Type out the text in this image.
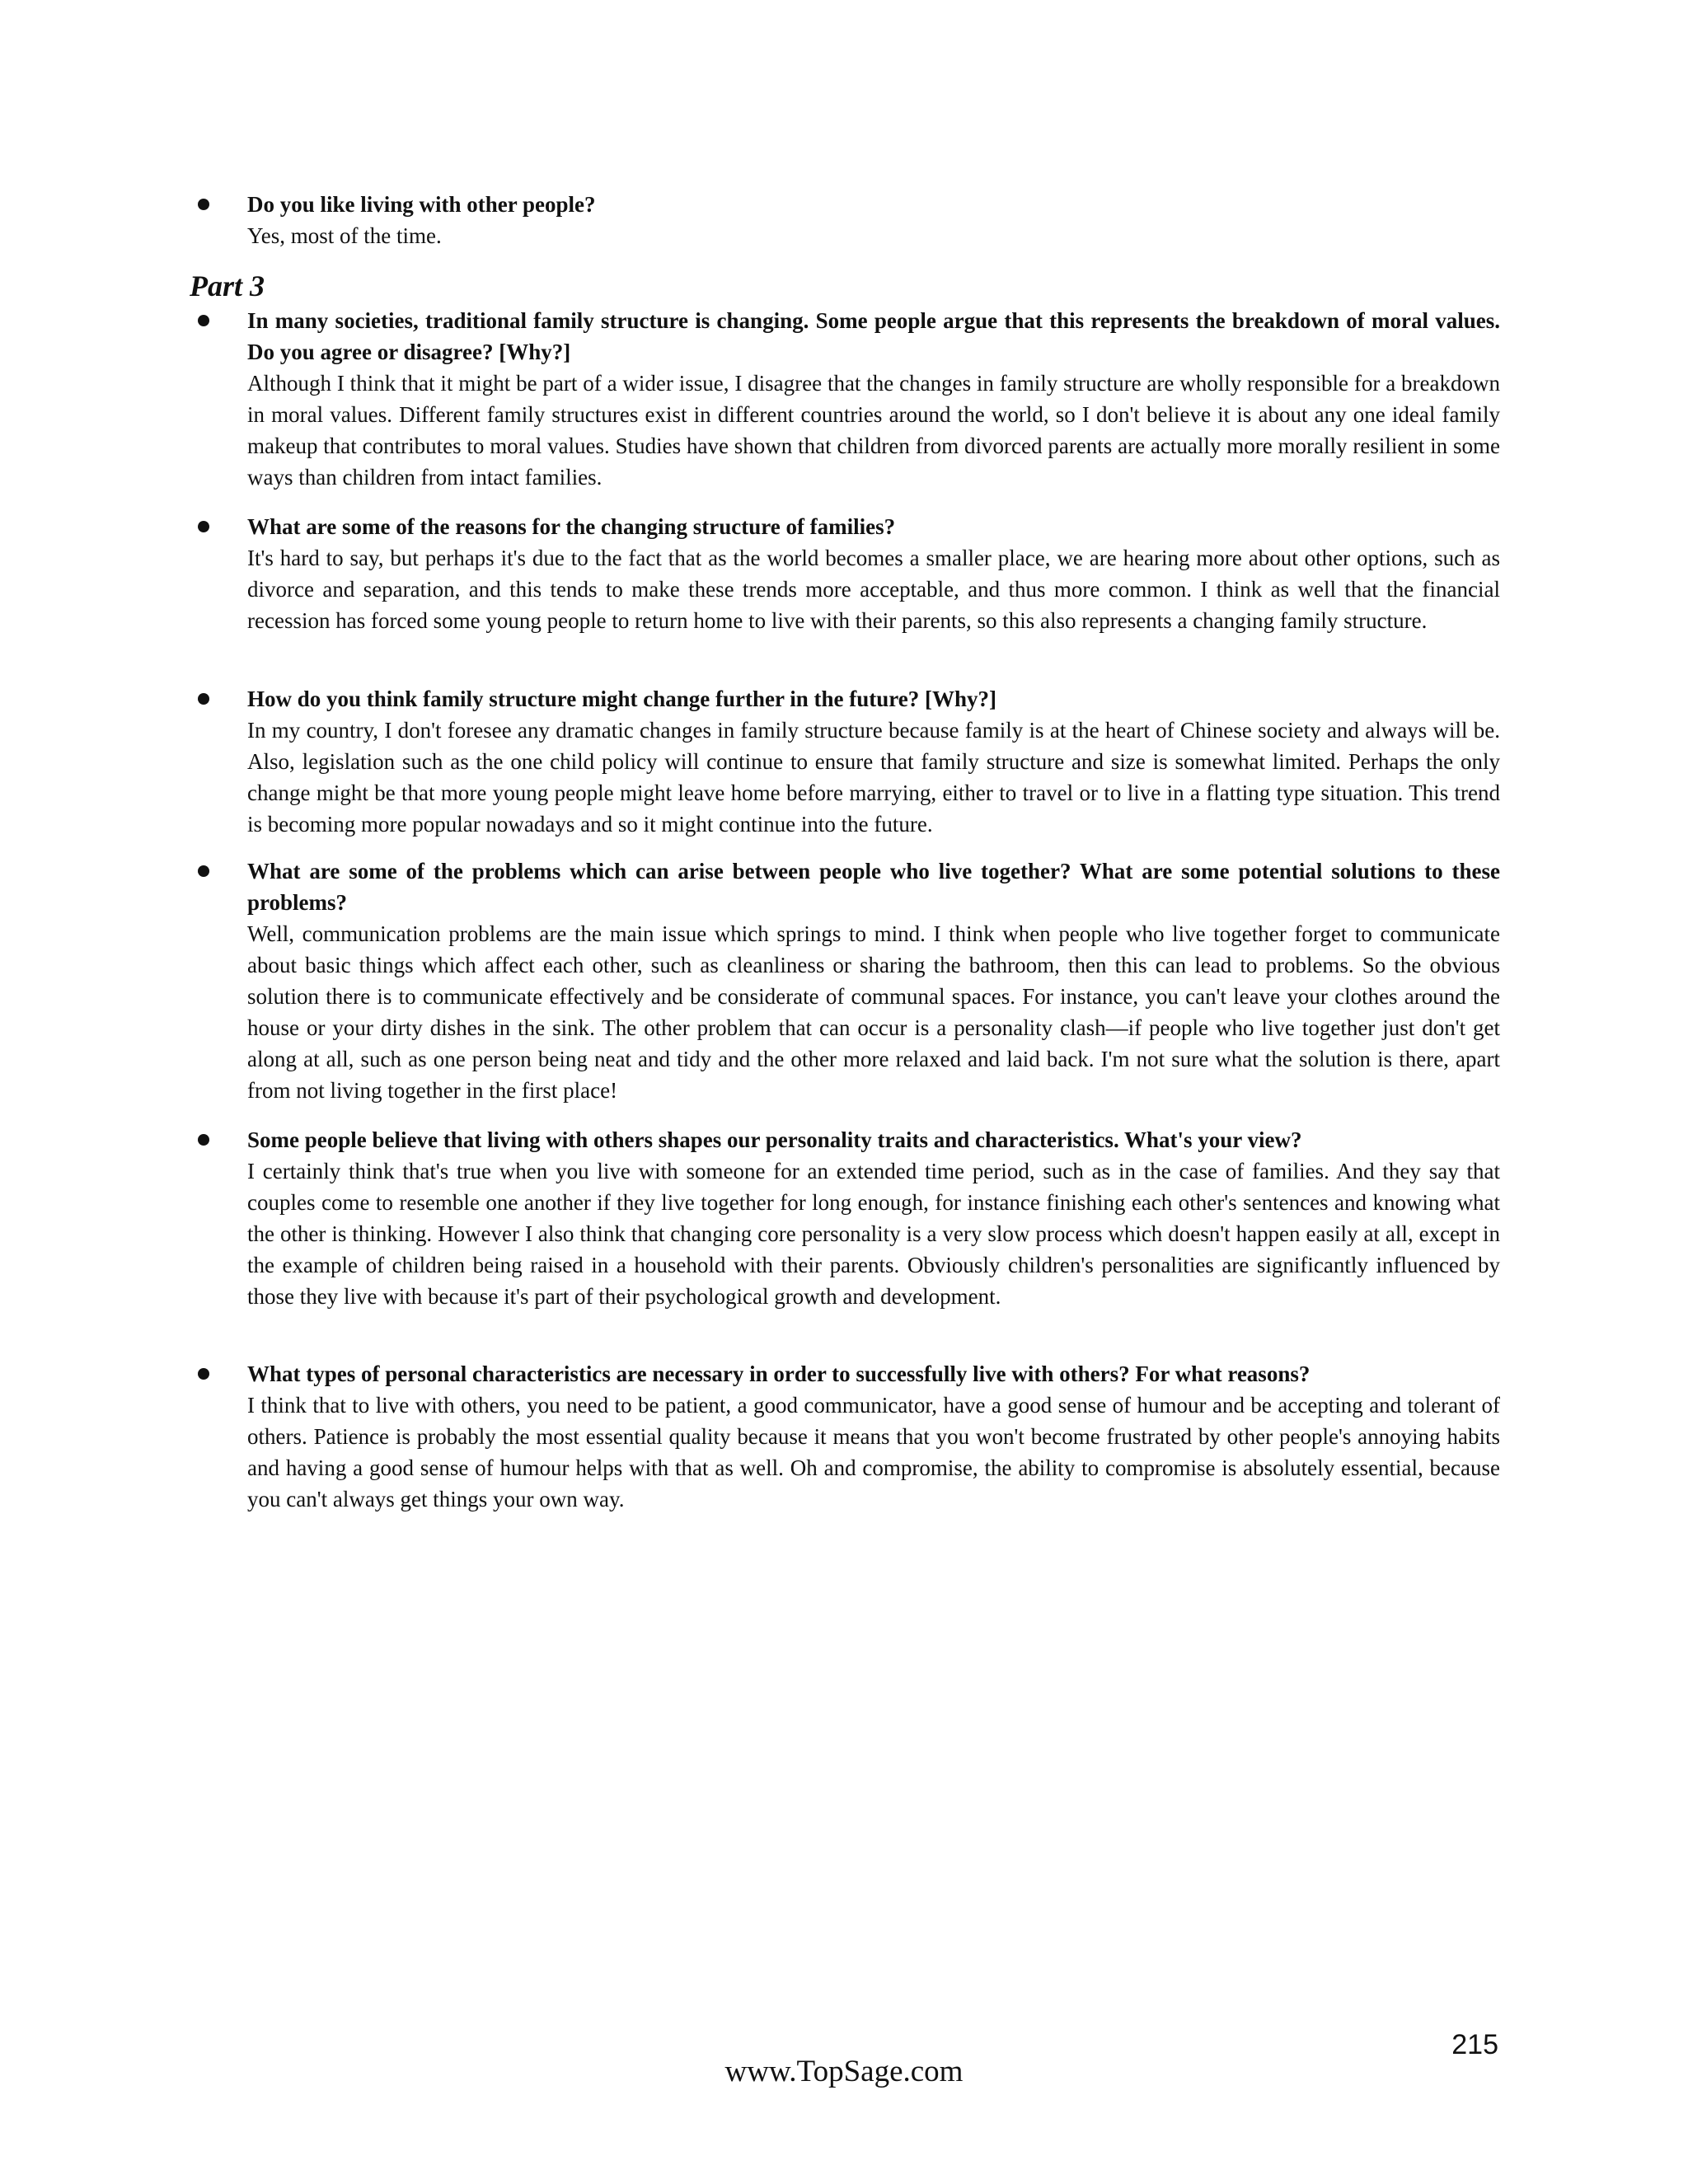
Do you like living with other people?
Yes, most of the time.
Part 3
In many societies, traditional family structure is changing. Some people argue that this represents the breakdown of moral values. Do you agree or disagree? [Why?]
Although I think that it might be part of a wider issue, I disagree that the changes in family structure are wholly responsible for a breakdown in moral values. Different family structures exist in different countries around the world, so I don't believe it is about any one ideal family makeup that contributes to moral values. Studies have shown that children from divorced parents are actually more morally resilient in some ways than children from intact families.
What are some of the reasons for the changing structure of families?
It's hard to say, but perhaps it's due to the fact that as the world becomes a smaller place, we are hearing more about other options, such as divorce and separation, and this tends to make these trends more acceptable, and thus more common. I think as well that the financial recession has forced some young people to return home to live with their parents, so this also represents a changing family structure.
How do you think family structure might change further in the future? [Why?]
In my country, I don't foresee any dramatic changes in family structure because family is at the heart of Chinese society and always will be. Also, legislation such as the one child policy will continue to ensure that family structure and size is somewhat limited. Perhaps the only change might be that more young people might leave home before marrying, either to travel or to live in a flatting type situation. This trend is becoming more popular nowadays and so it might continue into the future.
What are some of the problems which can arise between people who live together? What are some potential solutions to these problems?
Well, communication problems are the main issue which springs to mind. I think when people who live together forget to communicate about basic things which affect each other, such as cleanliness or sharing the bathroom, then this can lead to problems. So the obvious solution there is to communicate effectively and be considerate of communal spaces. For instance, you can't leave your clothes around the house or your dirty dishes in the sink. The other problem that can occur is a personality clash—if people who live together just don't get along at all, such as one person being neat and tidy and the other more relaxed and laid back. I'm not sure what the solution is there, apart from not living together in the first place!
Some people believe that living with others shapes our personality traits and characteristics. What's your view?
I certainly think that's true when you live with someone for an extended time period, such as in the case of families. And they say that couples come to resemble one another if they live together for long enough, for instance finishing each other's sentences and knowing what the other is thinking. However I also think that changing core personality is a very slow process which doesn't happen easily at all, except in the example of children being raised in a household with their parents. Obviously children's personalities are significantly influenced by those they live with because it's part of their psychological growth and development.
What types of personal characteristics are necessary in order to successfully live with others? For what reasons?
I think that to live with others, you need to be patient, a good communicator, have a good sense of humour and be accepting and tolerant of others. Patience is probably the most essential quality because it means that you won't become frustrated by other people's annoying habits and having a good sense of humour helps with that as well. Oh and compromise, the ability to compromise is absolutely essential, because you can't always get things your own way.
215
www.TopSage.com
